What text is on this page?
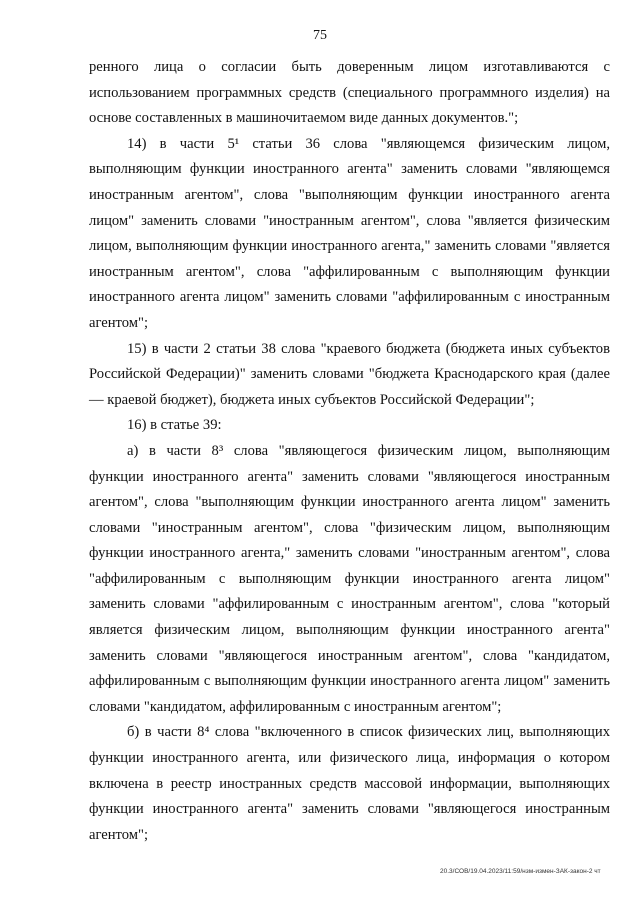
75

ренного лица о согласии быть доверенным лицом изготавливаются с использованием программных средств (специального программного изделия) на основе составленных в машиночитаемом виде данных документов.";

14) в части 5¹ статьи 36 слова "являющемся физическим лицом, выполняющим функции иностранного агента" заменить словами "являющемся иностранным агентом", слова "выполняющим функции иностранного агента лицом" заменить словами "иностранным агентом", слова "является физическим лицом, выполняющим функции иностранного агента," заменить словами "является иностранным агентом", слова "аффилированным с выполняющим функции иностранного агента лицом" заменить словами "аффилированным с иностранным агентом";

15) в части 2 статьи 38 слова "краевого бюджета (бюджета иных субъектов Российской Федерации)" заменить словами "бюджета Краснодарского края (далее — краевой бюджет), бюджета иных субъектов Российской Федерации";

16) в статье 39:

а) в части 8³ слова "являющегося физическим лицом, выполняющим функции иностранного агента" заменить словами "являющегося иностранным агентом", слова "выполняющим функции иностранного агента лицом" заменить словами "иностранным агентом", слова "физическим лицом, выполняющим функции иностранного агента," заменить словами "иностранным агентом", слова "аффилированным с выполняющим функции иностранного агента лицом" заменить словами "аффилированным с иностранным агентом", слова "который является физическим лицом, выполняющим функции иностранного агента" заменить словами "являющегося иностранным агентом", слова "кандидатом, аффилированным с выполняющим функции иностранного агента лицом" заменить словами "кандидатом, аффилированным с иностранным агентом";

б) в части 8⁴ слова "включенного в список физических лиц, выполняющих функции иностранного агента, или физического лица, информация о котором включена в реестр иностранных средств массовой информации, выполняющих функции иностранного агента" заменить словами "являющегося иностранным агентом";

20.3/СОВ/19.04.2023/11:59/нзм-измен-ЗАК-закон-2 чт
